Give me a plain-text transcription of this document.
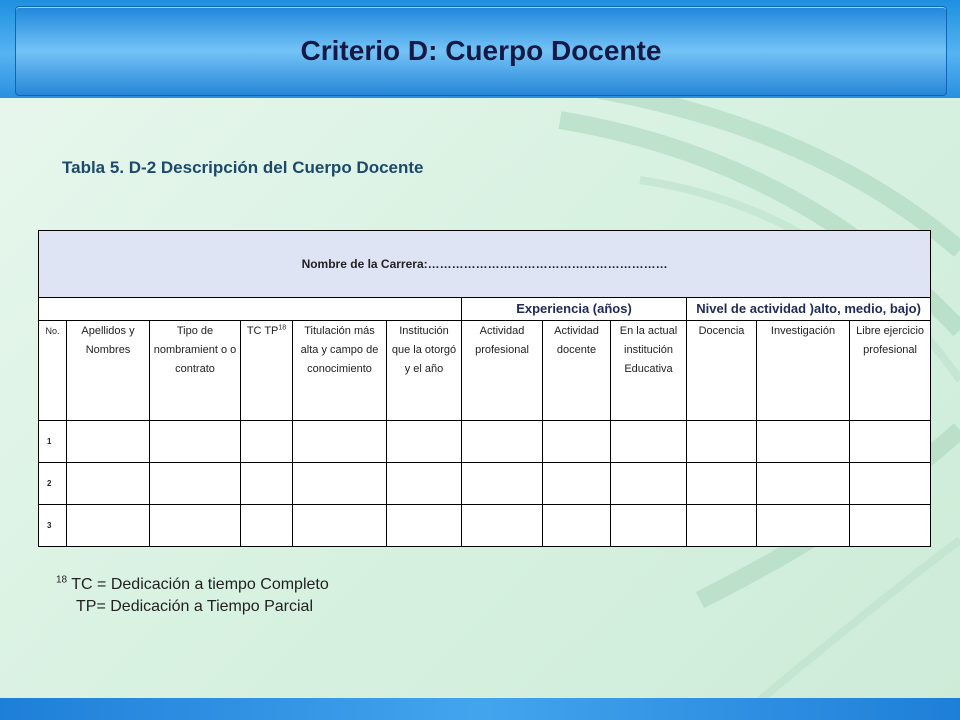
Criterio D: Cuerpo Docente
Tabla 5. D-2 Descripción del Cuerpo Docente
Nombre de la Carrera:……………………………………………………											
						Experiencia (años)			Nivel de actividad )alto, medio, bajo)		
No.	Apellidos y Nombres	Tipo de nombramient o o contrato	TC TP$^{18}$	Titulación más alta y campo de conocimiento	Institución que la otorgó y el año	Actividad profesional	Actividad docente	En la actual institución Educativa	Docencia	Investigación	Libre ejercicio profesional
1											
2											
3											
$^{18}$ TC = Dedicación a tiempo Completo
TP= Dedicación a Tiempo Parcial
